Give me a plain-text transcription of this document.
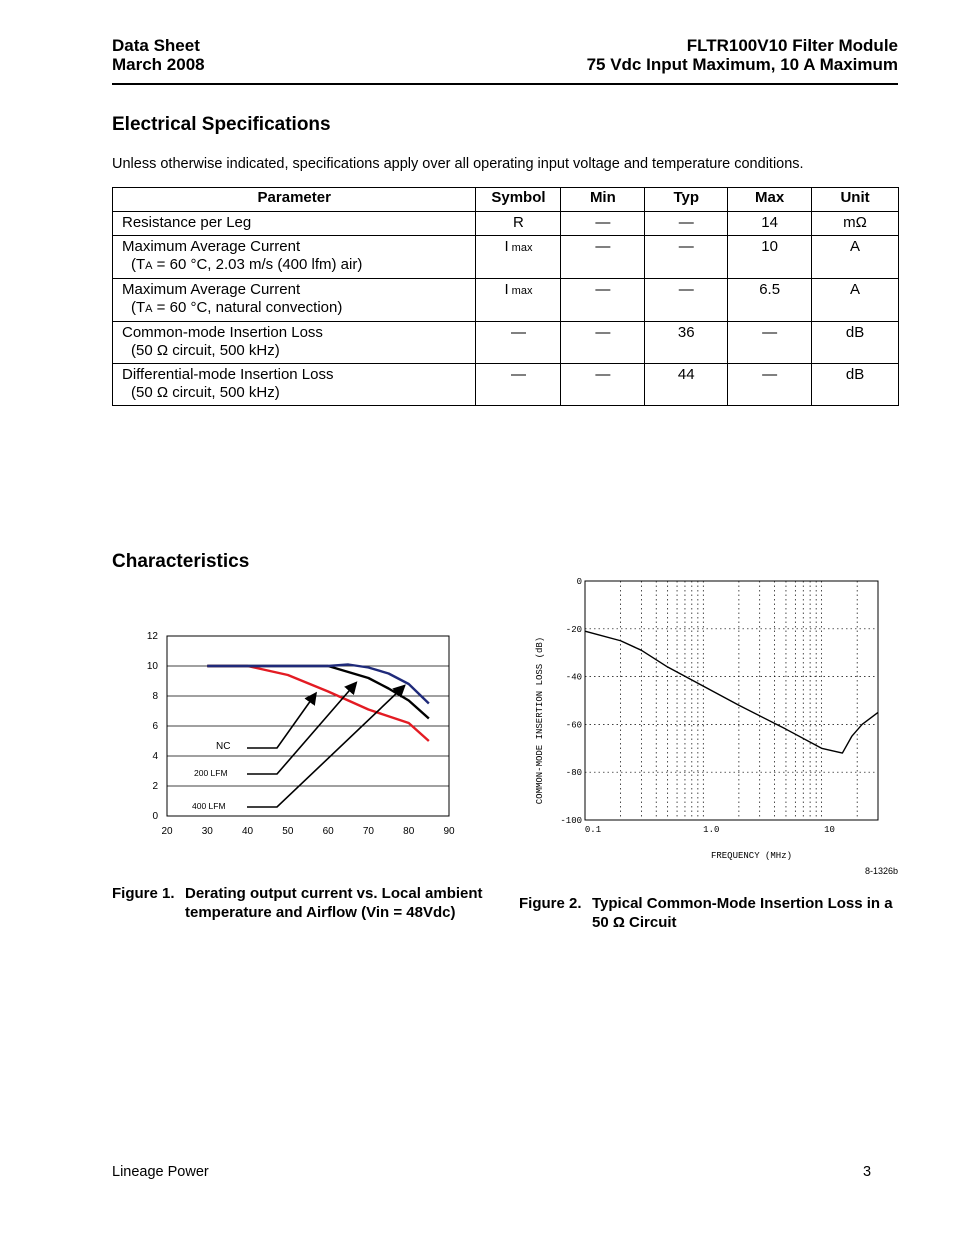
Data Sheet
March 2008
FLTR100V10 Filter Module
75 Vdc Input Maximum, 10 A Maximum
Electrical Specifications
Unless otherwise indicated, specifications apply over all operating input voltage and temperature conditions.
Parameter	Symbol	Min	Typ	Max	Unit
Resistance per Leg	R	—	—	14	mΩ
Maximum Average Current
(TA = 60 °C, 2.03 m/s (400 lfm) air)	I max	—	—	10	A
Maximum Average Current
(TA = 60 °C, natural convection)	I max	—	—	6.5	A
Common-mode Insertion Loss
(50 Ω circuit, 500 kHz)	—	—	36	—	dB
Differential-mode Insertion Loss
(50 Ω circuit, 500 kHz)	—	—	44	—	dB
Characteristics
0
2
4
6
8
10
12
20	30	40	50	60	70	80	90
NC
200 LFM
400 LFM
0
-20
-40
-60
-80
-100
0.1	1.0	10
FREQUENCY (MHz)
COMMON-MODE INSERTION LOSS (dB)
8-1326b
Figure 1. Derating output current vs. Local ambient temperature and Airflow (Vin = 48Vdc)	Figure 2. Typical Common-Mode Insertion Loss in a 50 Ω Circuit
Lineage Power	3
